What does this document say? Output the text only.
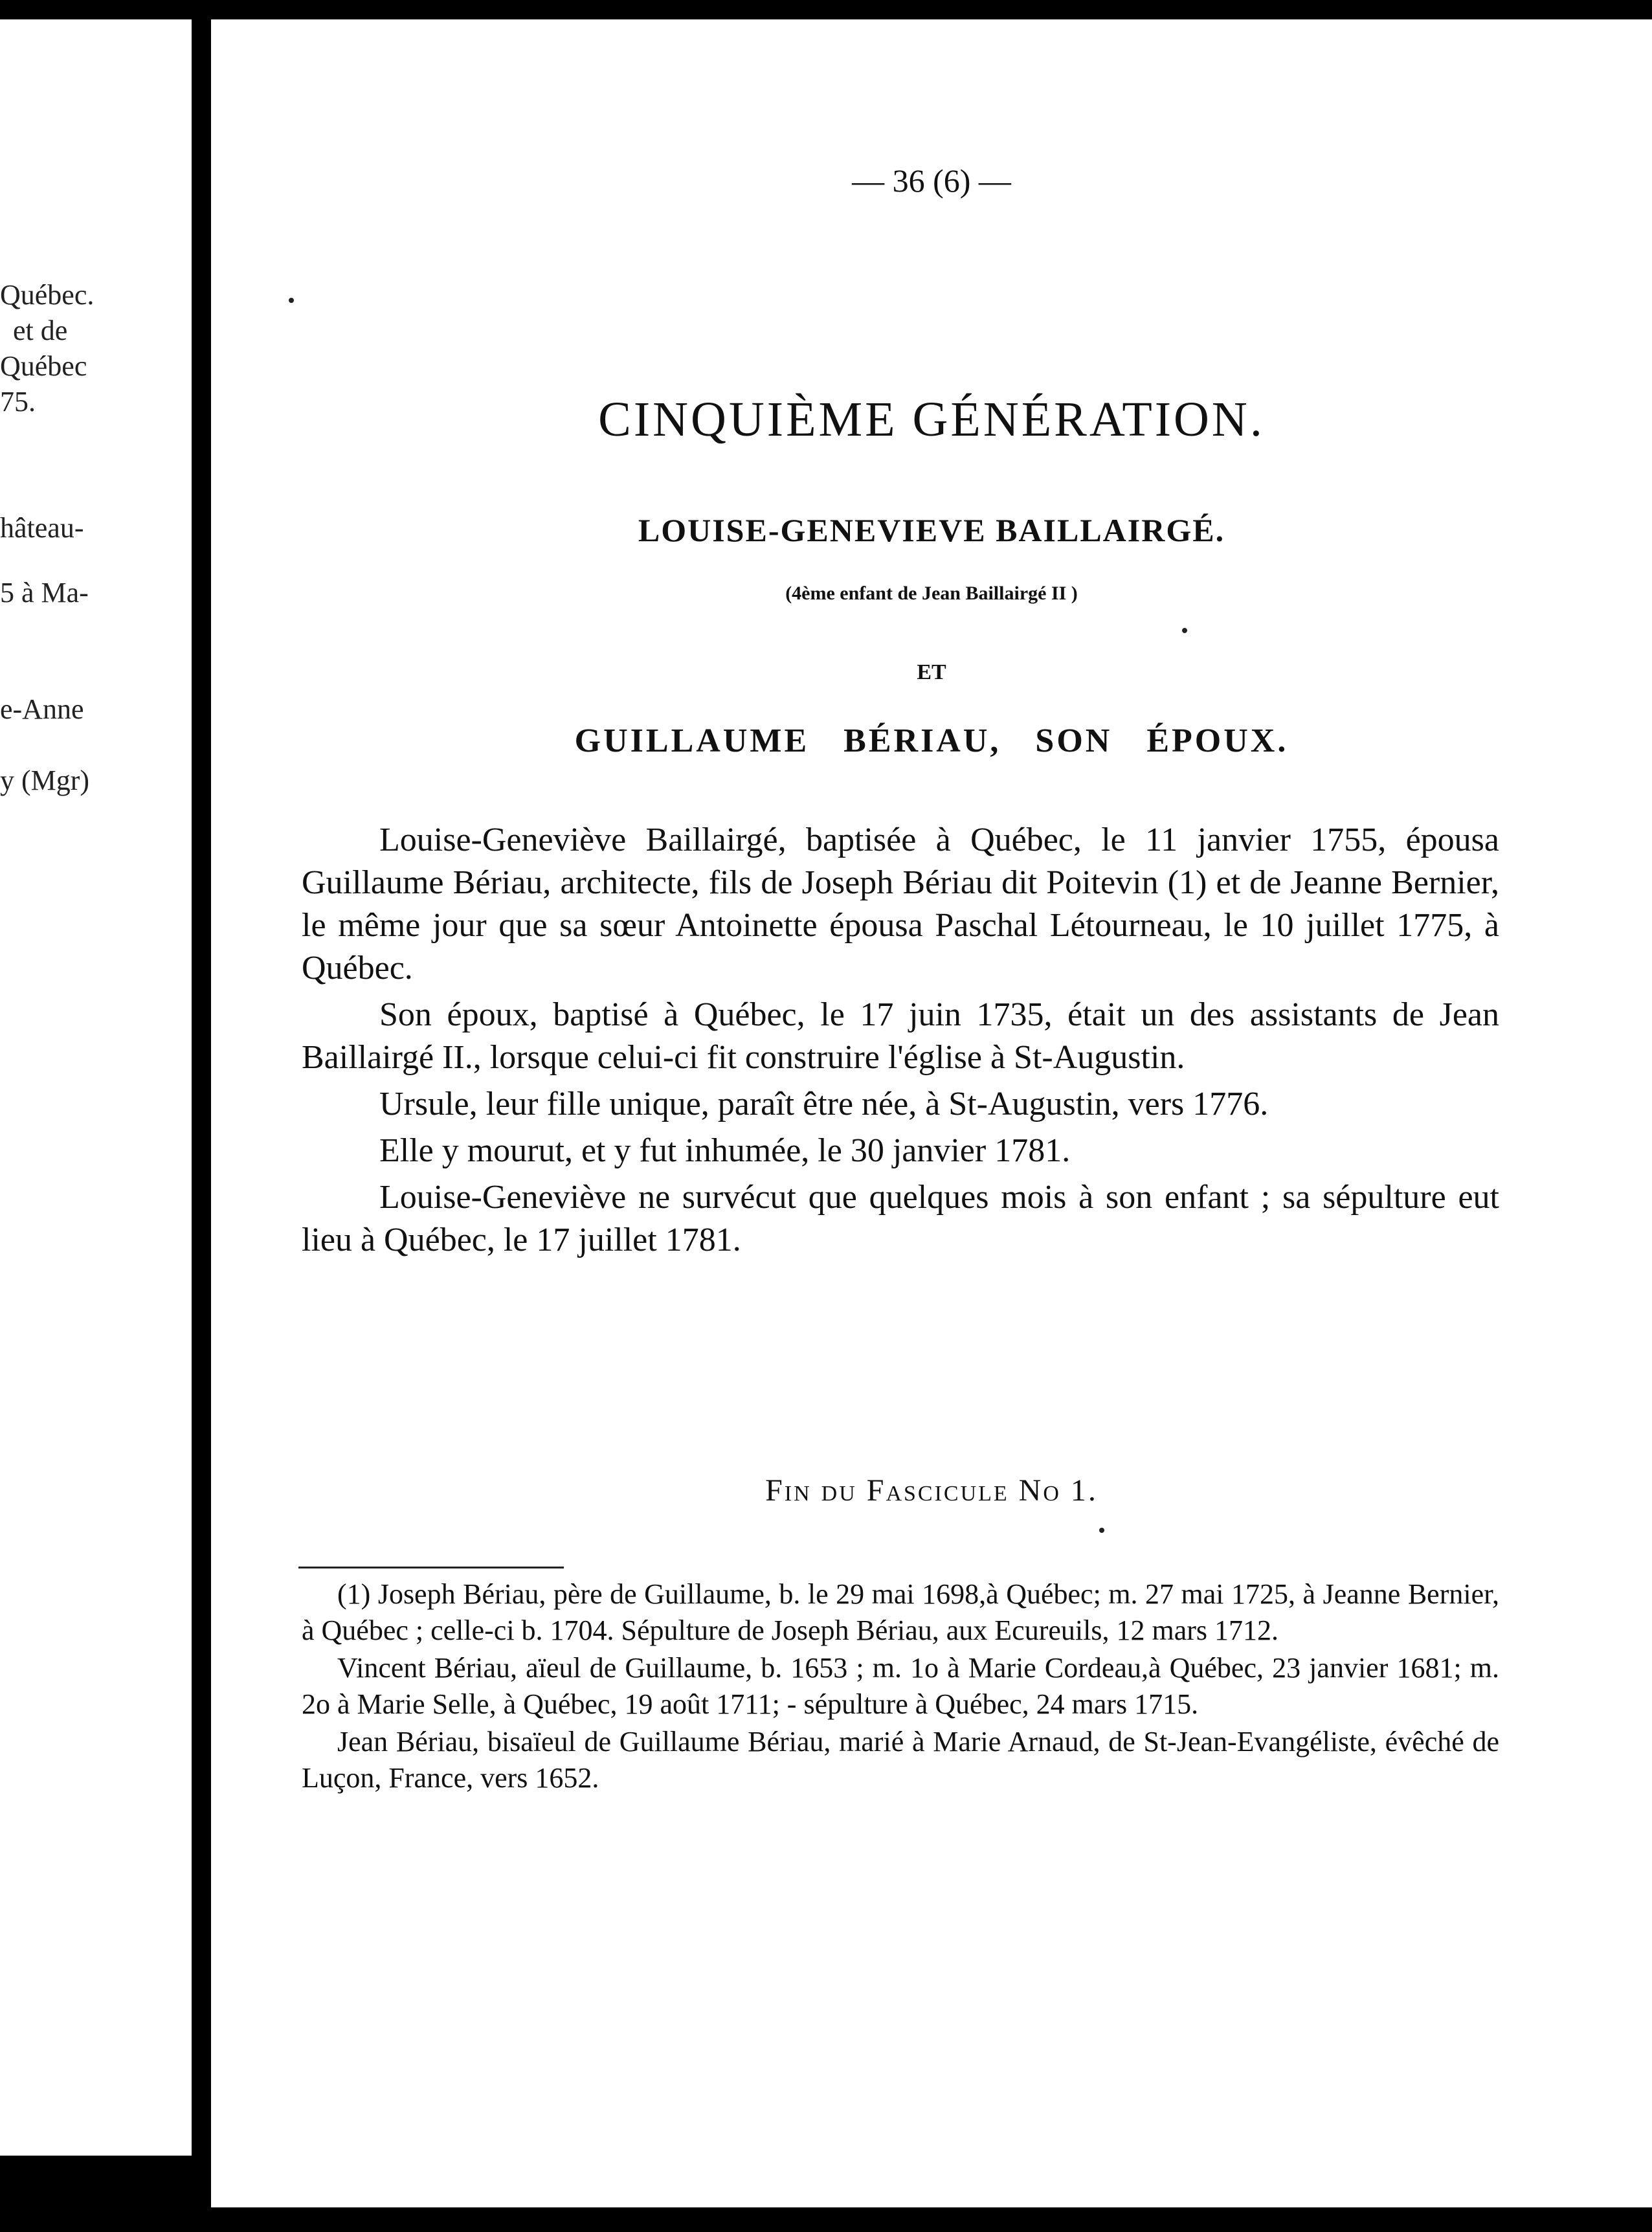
Québec.
et de
Québec
75.
hâteau-
5 à Ma-
e-Anne
y (Mgr)
— 36 (6) —
CINQUIÈME GÉNÉRATION.
LOUISE-GENEVIEVE BAILLAIRGÉ.
(4ème enfant de Jean Baillairgé II )
ET
GUILLAUME BÉRIAU, SON ÉPOUX.

Louise-Geneviève Baillairgé, baptisée à Québec, le 11 janvier 1755, épousa Guillaume Bériau, architecte, fils de Joseph Bériau dit Poitevin (1) et de Jeanne Bernier, le même jour que sa sœur Antoinette épousa Paschal Létourneau, le 10 juillet 1775, à Québec.

Son époux, baptisé à Québec, le 17 juin 1735, était un des assistants de Jean Baillairgé II., lorsque celui-ci fit construire l'église à St-Augustin.

Ursule, leur fille unique, paraît être née, à St-Augustin, vers 1776.

Elle y mourut, et y fut inhumée, le 30 janvier 1781.

Louise-Geneviève ne survécut que quelques mois à son enfant ; sa sépulture eut lieu à Québec, le 17 juillet 1781.

Fin du Fascicule No 1.

(1) Joseph Bériau, père de Guillaume, b. le 29 mai 1698,à Québec; m. 27 mai 1725, à Jeanne Bernier, à Québec ; celle-ci b. 1704. Sépulture de Joseph Bériau, aux Ecureuils, 12 mars 1712.

Vincent Bériau, aïeul de Guillaume, b. 1653 ; m. 1o à Marie Cordeau,à Québec, 23 janvier 1681; m. 2o à Marie Selle, à Québec, 19 août 1711; - sépulture à Québec, 24 mars 1715.

Jean Bériau, bisaïeul de Guillaume Bériau, marié à Marie Arnaud, de St-Jean-Evangéliste, évêché de Luçon, France, vers 1652.
